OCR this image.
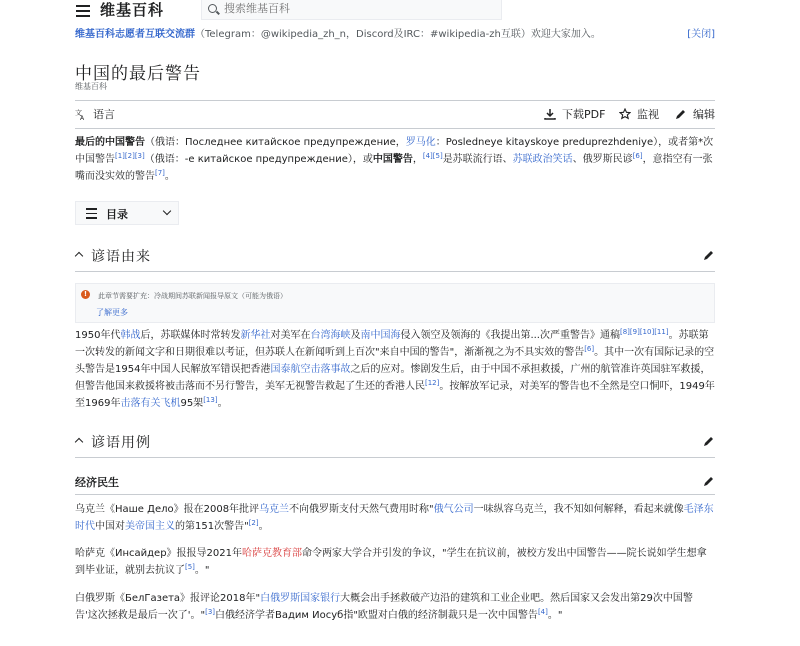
维基百科
搜索维基百科
维基百科志愿者互联交流群（Telegram：@wikipedia_zh_n，Discord及IRC：#wikipedia-zh互联）欢迎大家加入。	[关闭]
中国的最后警告
维基百科
文
A 语言	下载PDF	监视	编辑
最后的中国警告（俄语：Последнее китайское предупреждение，罗马化：Posledneye kitayskoye preduprezhdeniye），或者第*次中国警告[1][2][3]（俄语：-е китайское предупреждение），或中国警告，[4][5]是苏联流行语、苏联政治笑话、俄罗斯民谚[6]，意指空有一张嘴而没实效的警告[7]。
目录
谚语由来
!	此章节需要扩充：冷战期间苏联新闻报导原文（可能为俄语）
了解更多
1950年代韩战后，苏联媒体时常转发新华社对美军在台湾海峡及南中国海侵入领空及领海的《我提出第...次严重警告》通稿[8][9][10][11]。苏联第一次转发的新闻文字和日期很难以考证，但苏联人在新闻听到上百次"来自中国的警告"，渐渐视之为不具实效的警告[6]。其中一次有国际记录的空头警告是1954年中国人民解放军错误把香港国泰航空击落事故之后的应对。惨剧发生后，由于中国不承担救援，广州的航管准许英国驻军救援，但警告他国来救援将被击落而不另行警告，美军无视警告救起了生还的香港人民[12]。按解放军记录，对美军的警告也不全然是空口恫吓，1949年至1969年击落有关飞机95架[13]。
谚语用例
经济民生
乌克兰《Наше Дело》报在2008年批评乌克兰不向俄罗斯支付天然气费用时称"俄气公司一味纵容乌克兰，我不知如何解释，看起来就像毛泽东时代中国对美帝国主义的第151次警告"[2]。
哈萨克《Инсайдер》报报导2021年哈萨克教育部命令两家大学合并引发的争议，"学生在抗议前，被校方发出中国警告——院长说如学生想拿到毕业证，就别去抗议了[5]。"
白俄罗斯《БелГазета》报评论2018年"白俄罗斯国家银行大概会出手拯救破产边沿的建筑和工业企业吧。然后国家又会发出第29次中国警告'这次拯救是最后一次了'。"[3]白俄经济学者Вадим Иосуб指"欧盟对白俄的经济制裁只是一次中国警告[4]。"
